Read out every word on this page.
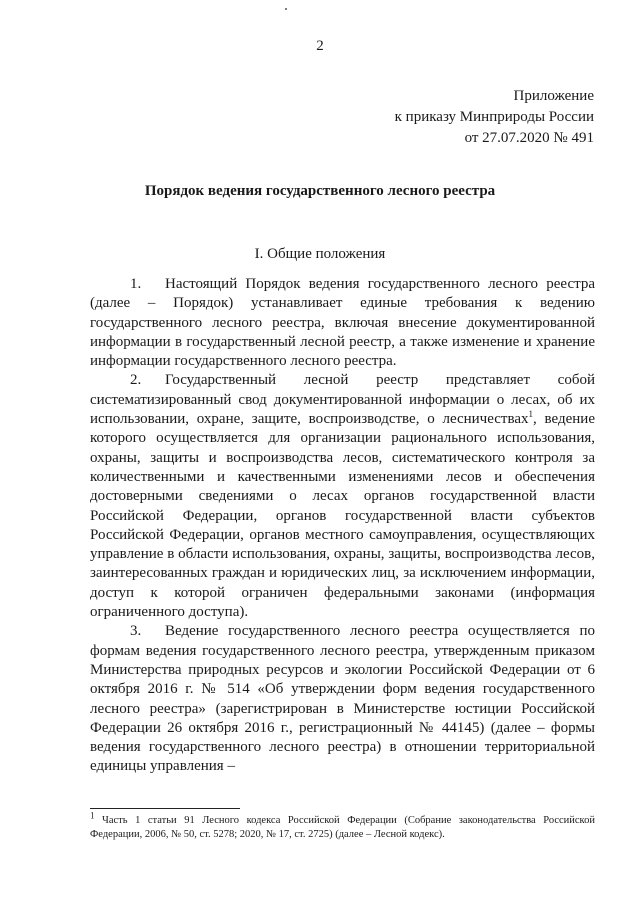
2
Приложение
к приказу Минприроды России
от 27.07.2020 № 491
Порядок ведения государственного лесного реестра
I. Общие положения

1. Настоящий Порядок ведения государственного лесного реестра (далее – Порядок) устанавливает единые требования к ведению государственного лесного реестра, включая внесение документированной информации в государственный лесной реестр, а также изменение и хранение информации государственного лесного реестра.

2. Государственный лесной реестр представляет собой систематизированный свод документированной информации о лесах, об их использовании, охране, защите, воспроизводстве, о лесничествах$^1$, ведение которого осуществляется для организации рационального использования, охраны, защиты и воспроизводства лесов, систематического контроля за количественными и качественными изменениями лесов и обеспечения достоверными сведениями о лесах органов государственной власти Российской Федерации, органов государственной власти субъектов Российской Федерации, органов местного самоуправления, осуществляющих управление в области использования, охраны, защиты, воспроизводства лесов, заинтересованных граждан и юридических лиц, за исключением информации, доступ к которой ограничен федеральными законами (информация ограниченного доступа).

3. Ведение государственного лесного реестра осуществляется по формам ведения государственного лесного реестра, утвержденным приказом Министерства природных ресурсов и экологии Российской Федерации от 6 октября 2016 г. № 514 «Об утверждении форм ведения государственного лесного реестра» (зарегистрирован в Министерстве юстиции Российской Федерации 26 октября 2016 г., регистрационный № 44145) (далее – формы ведения государственного лесного реестра) в отношении территориальной единицы управления –

$^1$ Часть 1 статьи 91 Лесного кодекса Российской Федерации (Собрание законодательства Российской Федерации, 2006, № 50, ст. 5278; 2020, № 17, ст. 2725) (далее – Лесной кодекс).
